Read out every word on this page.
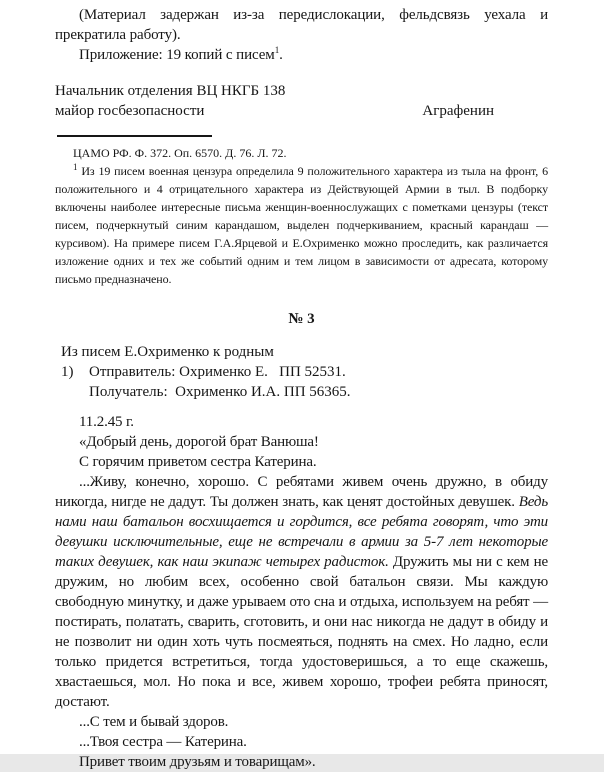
(Материал задержан из-за передислокации, фельдсвязь уехала и прекратила работу).

Приложение: 19 копий с писем$^1$.

Начальник отделения ВЦ НКГБ 138
майор госбезопасности	Аграфенин

ЦАМО РФ. Ф. 372. Оп. 6570. Д. 76. Л. 72.

$^1$ Из 19 писем военная цензура определила 9 положительного характера из тыла на фронт, 6 положительного и 4 отрицательного характера из Действующей Армии в тыл. В подборку включены наиболее интересные письма женщин-военнослужащих с пометками цензуры (текст писем, подчеркнутый синим карандашом, выделен подчеркиванием, красный карандаш — курсивом). На примере писем Г.А.Ярцевой и Е.Охрименко можно проследить, как различается изложение одних и тех же событий одним и тем лицом в зависимости от адресата, которому письмо предназначено.

№ 3

Из писем Е.Охрименко к родным

1)	Отправитель: Охрименко Е.   ПП 52531.
Получатель:  Охрименко И.А. ПП 56365.
11.2.45 г.
«Добрый день, дорогой брат Ванюша!
С горячим приветом сестра Катерина.

...Живу, конечно, хорошо. С ребятами живем очень дружно, в обиду никогда, нигде не дадут. Ты должен знать, как ценят достойных девушек. Ведь нами наш батальон восхищается и гордится, все ребята говорят, что эти девушки исключительные, еще не встречали в армии за 5-7 лет некоторые таких девушек, как наш экипаж четырех радисток. Дружить мы ни с кем не дружим, но любим всех, особенно свой батальон связи. Мы каждую свободную минутку, и даже урываем ото сна и отдыха, используем на ребят — постирать, полатать, сварить, сготовить, и они нас никогда не дадут в обиду и не позволит ни один хоть чуть посмеяться, поднять на смех. Но ладно, если только придется встретиться, тогда удостоверишься, а то еще скажешь, хвастаешься, мол. Но пока и все, живем хорошо, трофеи ребята приносят, достают.

...С тем и бывай здоров.
...Твоя сестра — Катерина.
Привет твоим друзьям и товарищам».
